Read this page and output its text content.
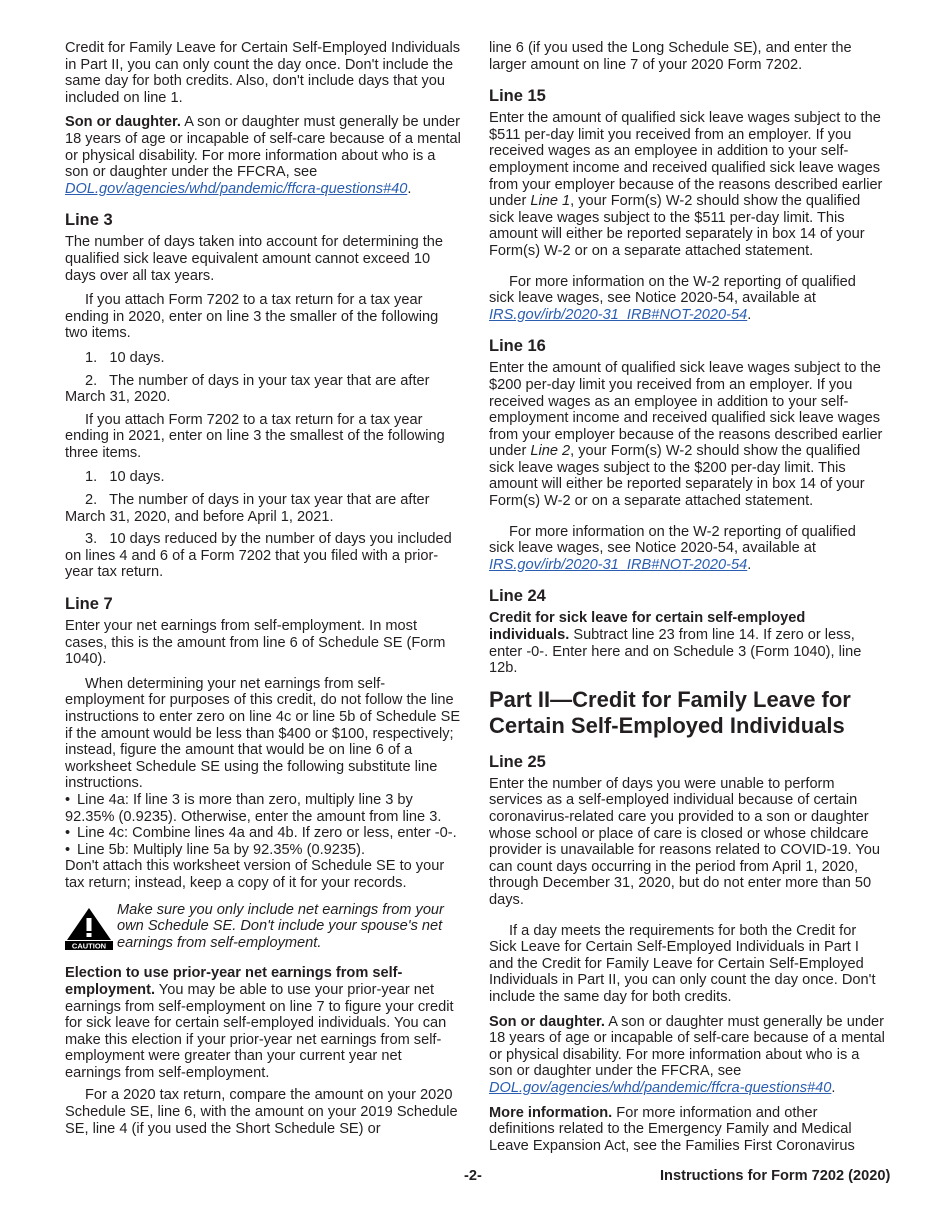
Credit for Family Leave for Certain Self-Employed Individuals in Part II, you can only count the day once. Don't include the same day for both credits. Also, don't include days that you included on line 1.

Son or daughter. A son or daughter must generally be under 18 years of age or incapable of self-care because of a mental or physical disability. For more information about who is a son or daughter under the FFCRA, see DOL.gov/agencies/whd/pandemic/ffcra-questions#40.

Line 3

The number of days taken into account for determining the qualified sick leave equivalent amount cannot exceed 10 days over all tax years.

If you attach Form 7202 to a tax return for a tax year ending in 2020, enter on line 3 the smaller of the following two items.

1.   10 days.

2.   The number of days in your tax year that are after March 31, 2020.

If you attach Form 7202 to a tax return for a tax year ending in 2021, enter on line 3 the smallest of the following three items.

1.   10 days.

2.   The number of days in your tax year that are after March 31, 2020, and before April 1, 2021.

3.   10 days reduced by the number of days you included on lines 4 and 6 of a Form 7202 that you filed with a prior-year tax return.

Line 7

Enter your net earnings from self-employment. In most cases, this is the amount from line 6 of Schedule SE (Form 1040).

When determining your net earnings from self-employment for purposes of this credit, do not follow the line instructions to enter zero on line 4c or line 5b of Schedule SE if the amount would be less than $400 or $100, respectively; instead, figure the amount that would be on line 6 of a worksheet Schedule SE using the following substitute line instructions.

• Line 4a: If line 3 is more than zero, multiply line 3 by 92.35% (0.9235). Otherwise, enter the amount from line 3.

• Line 4c: Combine lines 4a and 4b. If zero or less, enter -0-.

• Line 5b: Multiply line 5a by 92.35% (0.9235).

Don't attach this worksheet version of Schedule SE to your tax return; instead, keep a copy of it for your records.

CAUTION
Make sure you only include net earnings from your own Schedule SE. Don't include your spouse's net earnings from self-employment.

Election to use prior-year net earnings from self-employment. You may be able to use your prior-year net earnings from self-employment on line 7 to figure your credit for sick leave for certain self-employed individuals. You can make this election if your prior-year net earnings from self-employment were greater than your current year net earnings from self-employment.

For a 2020 tax return, compare the amount on your 2020 Schedule SE, line 6, with the amount on your 2019 Schedule SE, line 4 (if you used the Short Schedule SE) or

line 6 (if you used the Long Schedule SE), and enter the larger amount on line 7 of your 2020 Form 7202.

Line 15

Enter the amount of qualified sick leave wages subject to the $511 per-day limit you received from an employer. If you received wages as an employee in addition to your self-employment income and received qualified sick leave wages from your employer because of the reasons described earlier under Line 1, your Form(s) W-2 should show the qualified sick leave wages subject to the $511 per-day limit. This amount will either be reported separately in box 14 of your Form(s) W-2 or on a separate attached statement.

For more information on the W-2 reporting of qualified sick leave wages, see Notice 2020-54, available at IRS.gov/irb/2020-31_IRB#NOT-2020-54.

Line 16

Enter the amount of qualified sick leave wages subject to the $200 per-day limit you received from an employer. If you received wages as an employee in addition to your self-employment income and received qualified sick leave wages from your employer because of the reasons described earlier under Line 2, your Form(s) W-2 should show the qualified sick leave wages subject to the $200 per-day limit. This amount will either be reported separately in box 14 of your Form(s) W-2 or on a separate attached statement.

For more information on the W-2 reporting of qualified sick leave wages, see Notice 2020-54, available at IRS.gov/irb/2020-31_IRB#NOT-2020-54.

Line 24

Credit for sick leave for certain self-employed individuals. Subtract line 23 from line 14. If zero or less, enter -0-. Enter here and on Schedule 3 (Form 1040), line 12b.

Part II—Credit for Family Leave for Certain Self-Employed Individuals
Line 25

Enter the number of days you were unable to perform services as a self-employed individual because of certain coronavirus-related care you provided to a son or daughter whose school or place of care is closed or whose childcare provider is unavailable for reasons related to COVID-19. You can count days occurring in the period from April 1, 2020, through December 31, 2020, but do not enter more than 50 days.

If a day meets the requirements for both the Credit for Sick Leave for Certain Self-Employed Individuals in Part I and the Credit for Family Leave for Certain Self-Employed Individuals in Part II, you can only count the day once. Don't include the same day for both credits.

Son or daughter. A son or daughter must generally be under 18 years of age or incapable of self-care because of a mental or physical disability. For more information about who is a son or daughter under the FFCRA, see DOL.gov/agencies/whd/pandemic/ffcra-questions#40.

More information. For more information and other definitions related to the Emergency Family and Medical Leave Expansion Act, see the Families First Coronavirus

-2-	Instructions for Form 7202 (2020)
